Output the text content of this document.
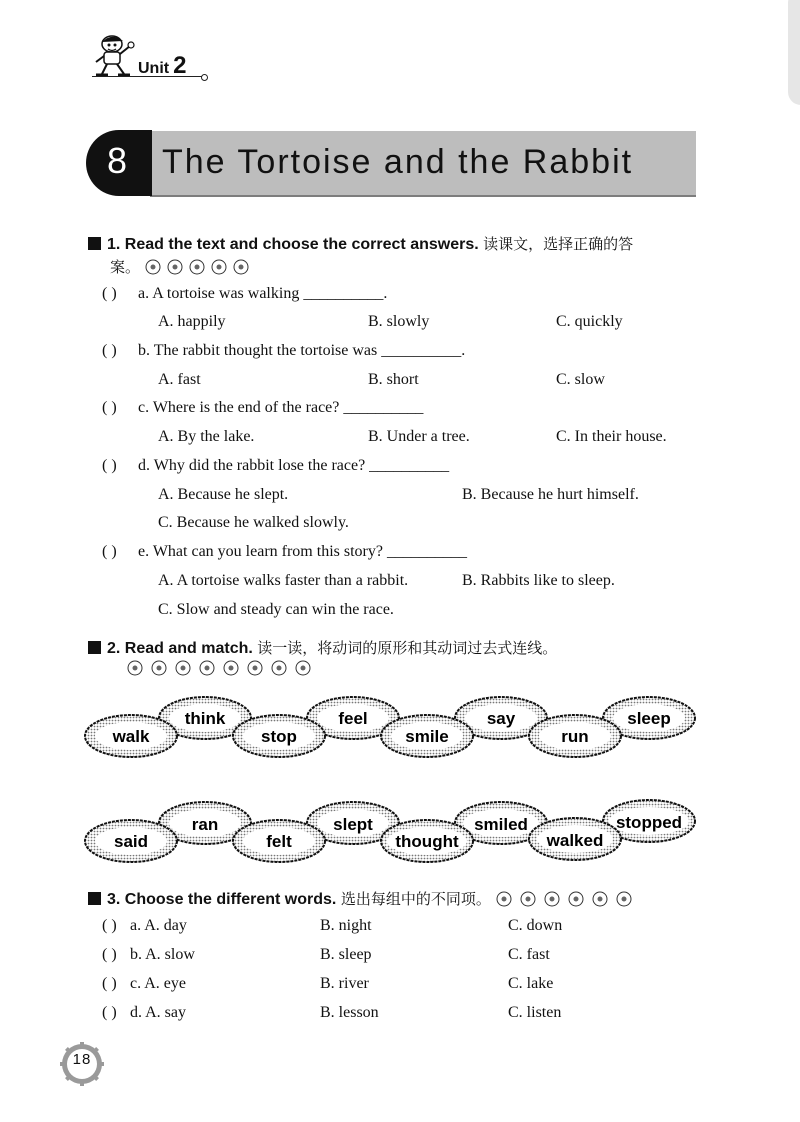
Unit 2
8	The Tortoise and the Rabbit
1. Read the text and choose the correct answers. 读课文，选择正确的答
案。
( ) a. A tortoise was walking __________.
A. happily	B. slowly	C. quickly
( ) b. The rabbit thought the tortoise was __________.
A. fast	B. short	C. slow
( ) c. Where is the end of the race? __________
A. By the lake.	B. Under a tree.	C. In their house.
( ) d. Why did the rabbit lose the race? __________
A. Because he slept.	B. Because he hurt himself.
C. Because he walked slowly.
( ) e. What can you learn from this story? __________
A. A tortoise walks faster than a rabbit.	B. Rabbits like to sleep.
C. Slow and steady can win the race.
2. Read and match. 读一读，将动词的原形和其动词过去式连线。
think	feel	say	sleep
walk	stop	smile	run
ran	slept	smiled	stopped
said	felt	thought	walked
3. Choose the different words. 选出每组中的不同项。
( ) a. A. day	B. night	C. down
( ) b. A. slow	B. sleep	C. fast
( ) c. A. eye	B. river	C. lake
( ) d. A. say	B. lesson	C. listen
18
